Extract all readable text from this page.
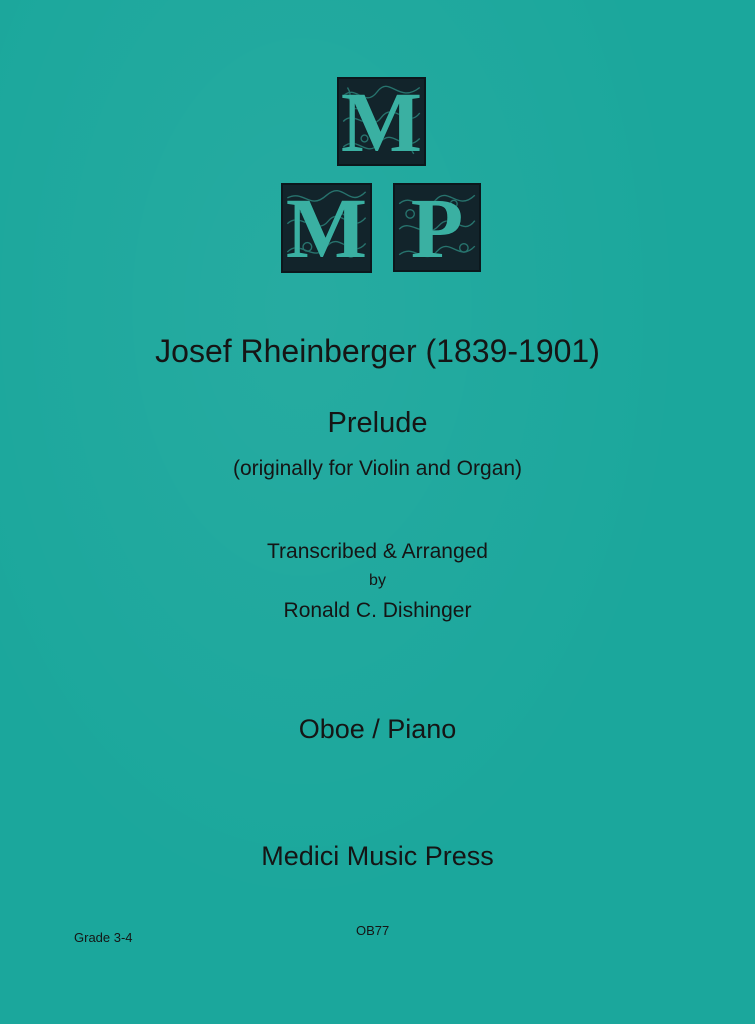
M
M P
Josef Rheinberger (1839-1901)
Prelude
(originally for Violin and Organ)
Transcribed & Arranged
by
Ronald C. Dishinger
Oboe / Piano
Medici Music Press
Grade 3-4	OB77
